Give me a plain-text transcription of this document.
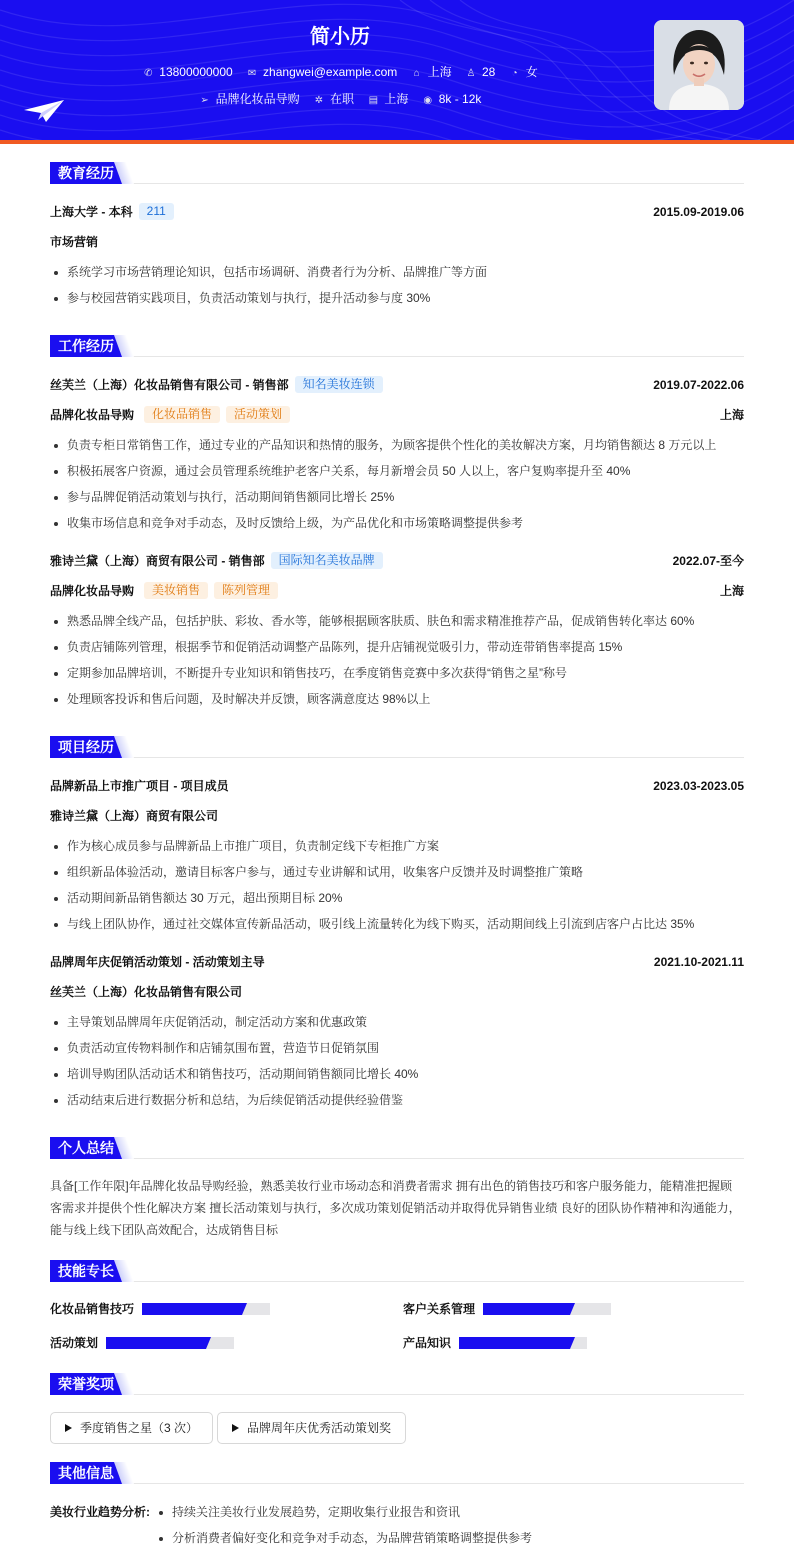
简小历
✆ 13800000000 ✉ zhangwei@example.com ⌂ 上海 ♙ 28 ◔ 女
➢ 品牌化妆品导购 ✲ 在职 ▤ 上海 ◉ 8k - 12k
教育经历
上海大学 - 本科 211	2015.09-2019.06
市场营销
系统学习市场营销理论知识，包括市场调研、消费者行为分析、品牌推广等方面
参与校园营销实践项目，负责活动策划与执行，提升活动参与度 30%
工作经历
丝芙兰（上海）化妆品销售有限公司 - 销售部 知名美妆连锁	2019.07-2022.06
品牌化妆品导购 化妆品销售 活动策划	上海
负责专柜日常销售工作，通过专业的产品知识和热情的服务，为顾客提供个性化的美妆解决方案，月均销售额达 8 万元以上
积极拓展客户资源，通过会员管理系统维护老客户关系，每月新增会员 50 人以上，客户复购率提升至 40%
参与品牌促销活动策划与执行，活动期间销售额同比增长 25%
收集市场信息和竞争对手动态，及时反馈给上级，为产品优化和市场策略调整提供参考
雅诗兰黛（上海）商贸有限公司 - 销售部 国际知名美妆品牌	2022.07-至今
品牌化妆品导购 美妆销售 陈列管理	上海
熟悉品牌全线产品，包括护肤、彩妆、香水等，能够根据顾客肤质、肤色和需求精准推荐产品，促成销售转化率达 60%
负责店铺陈列管理，根据季节和促销活动调整产品陈列，提升店铺视觉吸引力，带动连带销售率提高 15%
定期参加品牌培训，不断提升专业知识和销售技巧，在季度销售竞赛中多次获得“销售之星”称号
处理顾客投诉和售后问题，及时解决并反馈，顾客满意度达 98%以上
项目经历
品牌新品上市推广项目 - 项目成员	2023.03-2023.05
雅诗兰黛（上海）商贸有限公司
作为核心成员参与品牌新品上市推广项目，负责制定线下专柜推广方案
组织新品体验活动，邀请目标客户参与，通过专业讲解和试用，收集客户反馈并及时调整推广策略
活动期间新品销售额达 30 万元，超出预期目标 20%
与线上团队协作，通过社交媒体宣传新品活动，吸引线上流量转化为线下购买，活动期间线上引流到店客户占比达 35%
品牌周年庆促销活动策划 - 活动策划主导	2021.10-2021.11
丝芙兰（上海）化妆品销售有限公司
主导策划品牌周年庆促销活动，制定活动方案和优惠政策
负责活动宣传物料制作和店铺氛围布置，营造节日促销氛围
培训导购团队活动话术和销售技巧，活动期间销售额同比增长 40%
活动结束后进行数据分析和总结，为后续促销活动提供经验借鉴
个人总结
具备[工作年限]年品牌化妆品导购经验，熟悉美妆行业市场动态和消费者需求 拥有出色的销售技巧和客户服务能力，能精准把握顾
客需求并提供个性化解决方案 擅长活动策划与执行，多次成功策划促销活动并取得优异销售业绩 良好的团队协作精神和沟通能力，
能与线上线下团队高效配合，达成销售目标
技能专长
化妆品销售技巧	客户关系管理
活动策划	产品知识
荣誉奖项
季度销售之星（3 次）	品牌周年庆优秀活动策划奖
其他信息
美妆行业趋势分析:	持续关注美妆行业发展趋势，定期收集行业报告和资讯
分析消费者偏好变化和竞争对手动态，为品牌营销策略调整提供参考
